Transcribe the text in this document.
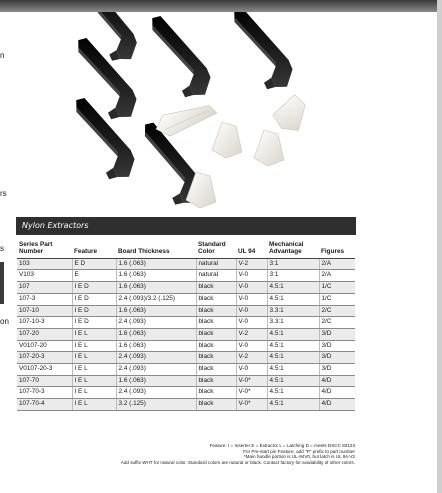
n
rs
s
on
Nylon Extractors
Series Part Number	Feature	Board Thickness	Standard Color	UL 94	Mechanical Advantage	Figures
103	E D	1.6 (.063)	natural	V-2	3:1	2/A
V103	E	1.6 (.063)	natural	V-0	3:1	2/A
107	I E D	1.6 (.063)	black	V-0	4.5:1	1/C
107-3	I E D	2.4 (.093)/3.2 (.125)	black	V-0	4.5:1	1/C
107-10	I E D	1.6 (.063)	black	V-0	3.3:1	2/C
107-10-3	I E D	2.4 (.093)	black	V-0	3.3:1	2/C
107-20	I E L	1.6 (.063)	black	V-2	4.5:1	3/D
V0107-20	I E L	1.6 (.063)	black	V-0	4.5:1	3/D
107-20-3	I E L	2.4 (.093)	black	V-2	4.5:1	3/D
V0107-20-3	I E L	2.4 (.093)	black	V-0	4.5:1	3/D
107-70	I E L	1.6 (.063)	black	V-0*	4.5:1	4/D
107-70-3	I E L	2.4 (.093)	black	V-0*	4.5:1	4/D
107-70-4	I E L	3.2 (.125)	black	V-0*	4.5:1	4/D
Feature: I = Inserter E = Extractor L = Latching D = meets DSCC 83123
For Pre-start pin Feature, add "P" prefix to part number
*Main handle portion is UL-94V0, but latch is UL 94-V2
Add suffix WHT for natural color. Standard colors are natural or black. Contact factory for availability of other colors.
